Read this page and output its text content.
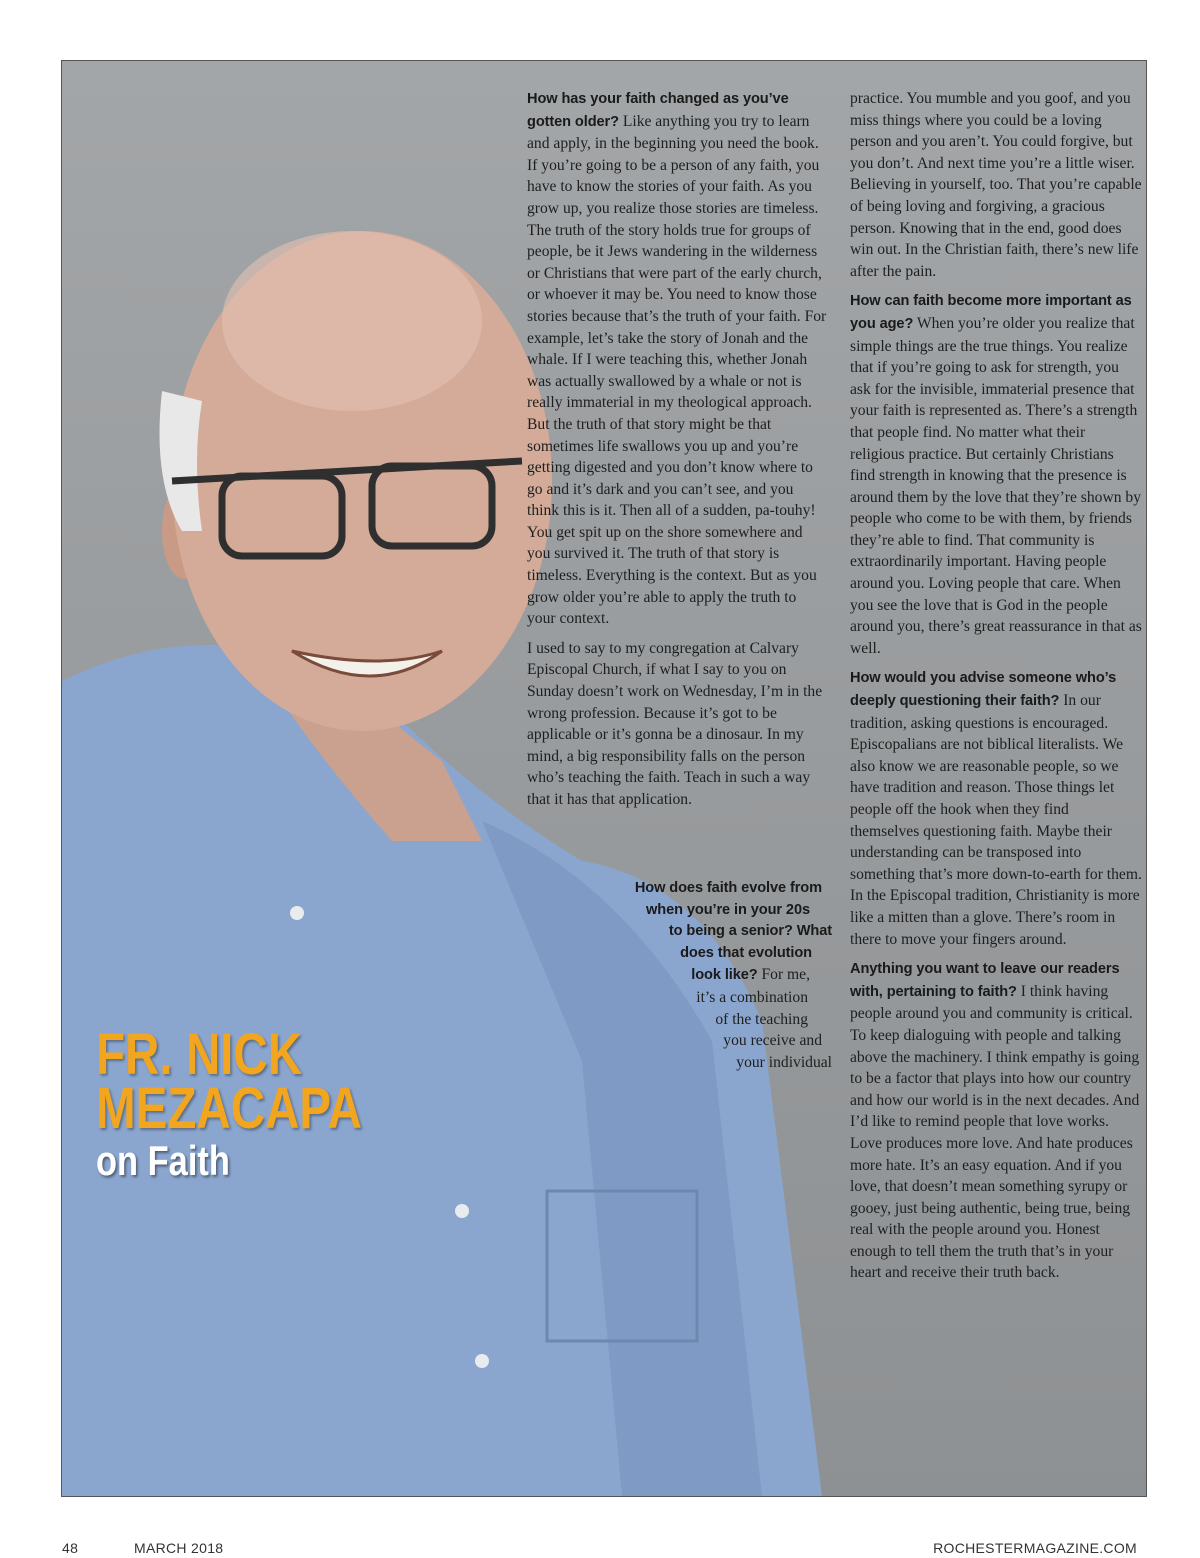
How has your faith changed as you’ve gotten older? Like anything you try to learn and apply, in the beginning you need the book. If you’re going to be a person of any faith, you have to know the stories of your faith. As you grow up, you realize those stories are timeless. The truth of the story holds true for groups of people, be it Jews wandering in the wilderness or Christians that were part of the early church, or whoever it may be. You need to know those stories because that’s the truth of your faith. For example, let’s take the story of Jonah and the whale. If I were teaching this, whether Jonah was actually swallowed by a whale or not is really immaterial in my theological approach. But the truth of that story might be that sometimes life swallows you up and you’re getting digested and you don’t know where to go and it’s dark and you can’t see, and you think this is it. Then all of a sudden, pa-touhy! You get spit up on the shore somewhere and you survived it. The truth of that story is timeless. Everything is the context. But as you grow older you’re able to apply the truth to your context.

I used to say to my congregation at Calvary Episcopal Church, if what I say to you on Sunday doesn’t work on Wednesday, I’m in the wrong profession. Because it’s got to be applicable or it’s gonna be a dinosaur. In my mind, a big responsibility falls on the person who’s teaching the faith. Teach in such a way that it has that application.

How does faith evolve from
when you’re in your 20s
to being a senior? What
does that evolution
look like? For me,
it’s a combination
of the teaching
you receive and
your individual

practice. You mumble and you goof, and you miss things where you could be a loving person and you aren’t. You could forgive, but you don’t. And next time you’re a little wiser. Believing in yourself, too. That you’re capable of being loving and forgiving, a gracious person. Knowing that in the end, good does win out. In the Christian faith, there’s new life after the pain.

How can faith become more important as you age? When you’re older you realize that simple things are the true things. You realize that if you’re going to ask for strength, you ask for the invisible, immaterial presence that your faith is represented as. There’s a strength that people find. No matter what their religious practice. But certainly Christians find strength in knowing that the presence is around them by the love that they’re shown by people who come to be with them, by friends they’re able to find. That community is extraordinarily important. Having people around you. Loving people that care. When you see the love that is God in the people around you, there’s great reassurance in that as well.

How would you advise someone who’s deeply questioning their faith? In our tradition, asking questions is encouraged. Episcopalians are not biblical literalists. We also know we are reasonable people, so we have tradition and reason. Those things let people off the hook when they find themselves questioning faith. Maybe their understanding can be transposed into something that’s more down-to-earth for them. In the Episcopal tradition, Christianity is more like a mitten than a glove. There’s room in there to move your fingers around.

Anything you want to leave our readers with, pertaining to faith? I think having people around you and community is critical. To keep dialoguing with people and talking above the machinery. I think empathy is going to be a factor that plays into how our country and how our world is in the next decades. And I’d like to remind people that love works. Love produces more love. And hate produces more hate. It’s an easy equation. And if you love, that doesn’t mean something syrupy or gooey, just being authentic, being true, being real with the people around you. Honest enough to tell them the truth that’s in your heart and receive their truth back.

FR. NICK
MEZACAPA
on Faith
48	MARCH 2018	ROCHESTERMAGAZINE.COM
